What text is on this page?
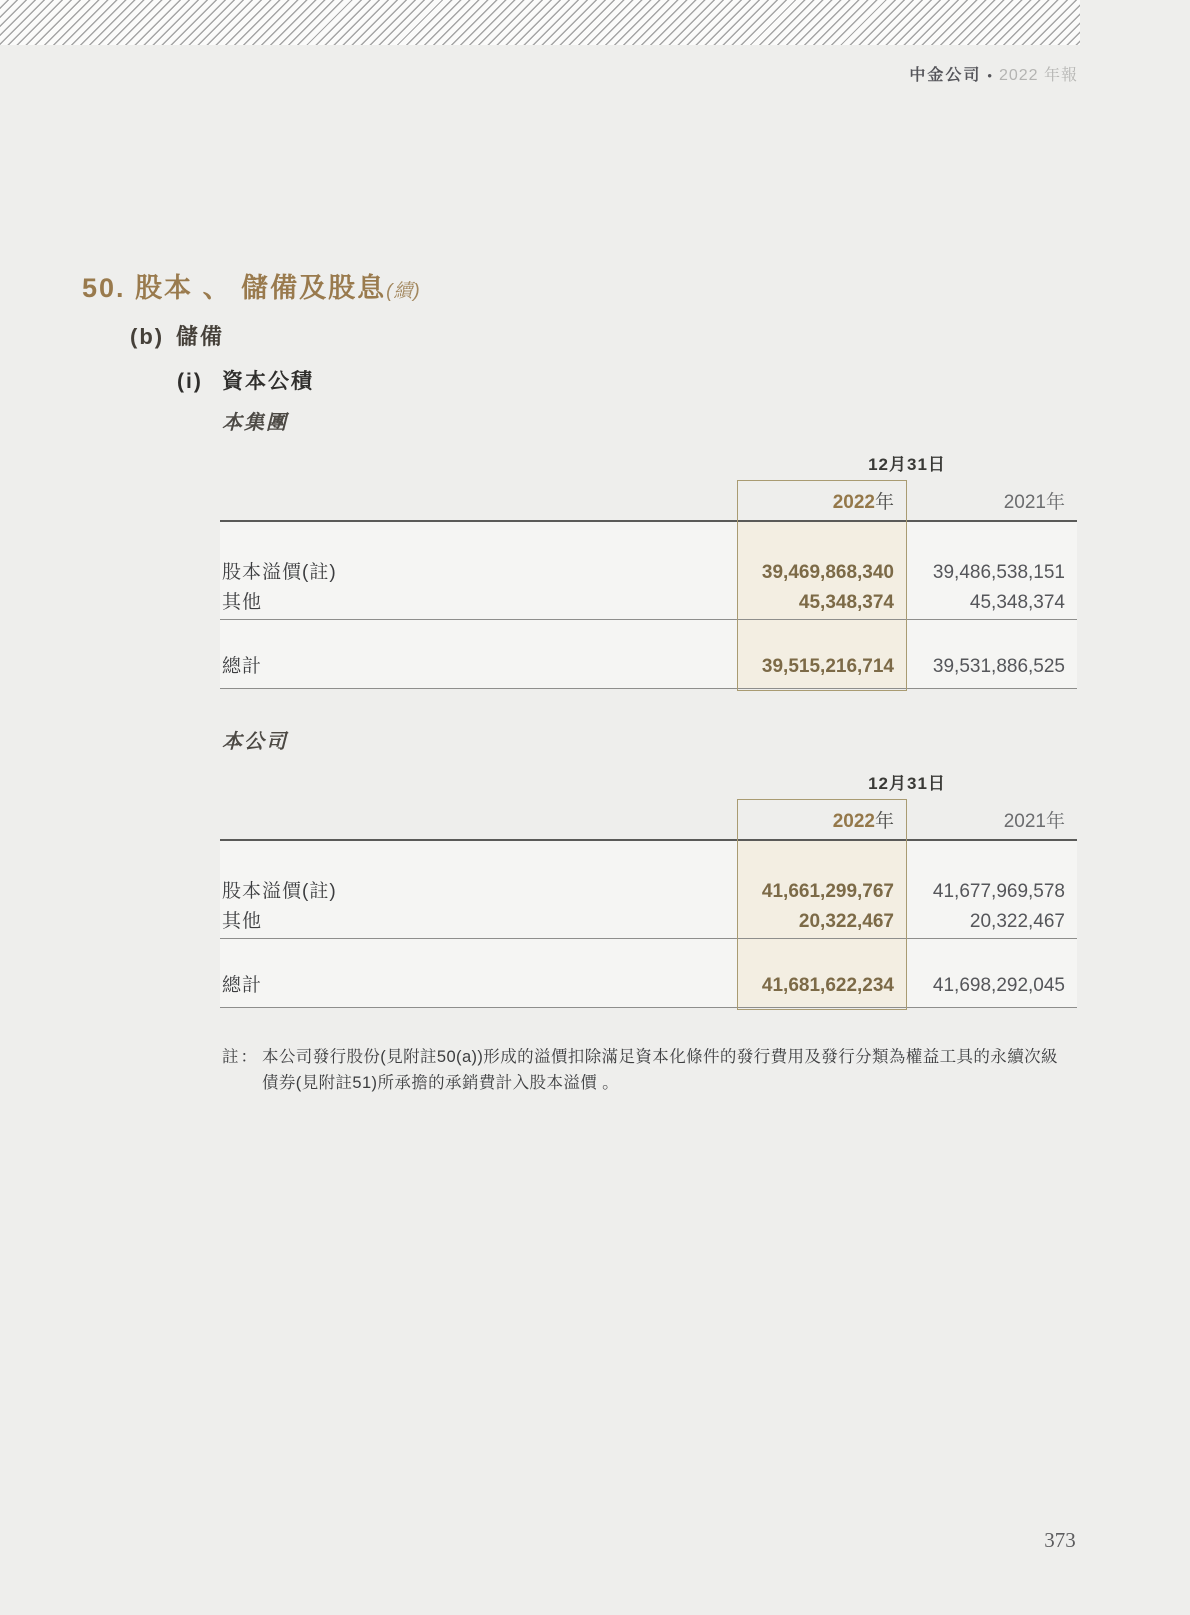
中金公司 • 2022 年報
50. 股本 、 儲備及股息(續)
(b) 儲備
(i) 資本公積
本集團
12月31日
2022年	2021年
股本溢價(註)	39,469,868,340	39,486,538,151
其他	45,348,374	45,348,374
總計	39,515,216,714	39,531,886,525
本公司
12月31日
2022年	2021年
股本溢價(註)	41,661,299,767	41,677,969,578
其他	20,322,467	20,322,467
總計	41,681,622,234	41,698,292,045
註： 本公司發行股份(見附註50(a))形成的溢價扣除滿足資本化條件的發行費用及發行分類為權益工具的永續次級
債券(見附註51)所承擔的承銷費計入股本溢價 。
373
